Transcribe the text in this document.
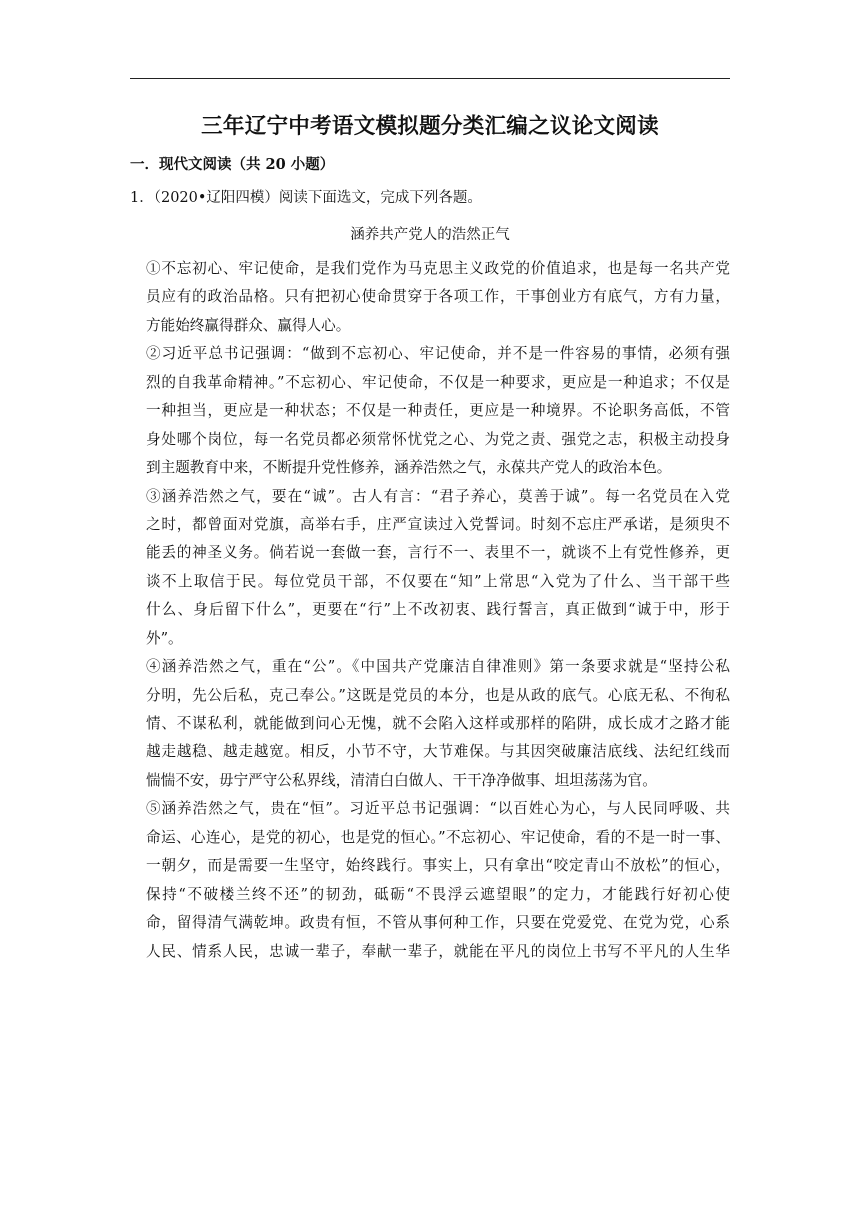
三年辽宁中考语文模拟题分类汇编之议论文阅读
一．现代文阅读（共 20 小题）
1．（2020•辽阳四模）阅读下面选文，完成下列各题。
涵养共产党人的浩然正气
①不忘初心、牢记使命，是我们党作为马克思主义政党的价值追求，也是每一名共产党
员应有的政治品格。只有把初心使命贯穿于各项工作，干事创业方有底气，方有力量，
方能始终赢得群众、赢得人心。
②习近平总书记强调：“做到不忘初心、牢记使命，并不是一件容易的事情，必须有强
烈的自我革命精神。”不忘初心、牢记使命，不仅是一种要求，更应是一种追求；不仅是
一种担当，更应是一种状态；不仅是一种责任，更应是一种境界。不论职务高低，不管
身处哪个岗位，每一名党员都必须常怀忧党之心、为党之责、强党之志，积极主动投身
到主题教育中来，不断提升党性修养，涵养浩然之气，永葆共产党人的政治本色。
③涵养浩然之气，要在“诚”。古人有言：“君子养心，莫善于诚”。每一名党员在入党
之时，都曾面对党旗，高举右手，庄严宣读过入党誓词。时刻不忘庄严承诺，是须臾不
能丢的神圣义务。倘若说一套做一套，言行不一、表里不一，就谈不上有党性修养，更
谈不上取信于民。每位党员干部，不仅要在“知”上常思“入党为了什么、当干部干些
什么、身后留下什么”，更要在“行”上不改初衷、践行誓言，真正做到“诚于中，形于
外”。
④涵养浩然之气，重在“公”。《中国共产党廉洁自律准则》第一条要求就是“坚持公私
分明，先公后私，克己奉公。”这既是党员的本分，也是从政的底气。心底无私、不徇私
情、不谋私利，就能做到问心无愧，就不会陷入这样或那样的陷阱，成长成才之路才能
越走越稳、越走越宽。相反，小节不守，大节难保。与其因突破廉洁底线、法纪红线而
惴惴不安，毋宁严守公私界线，清清白白做人、干干净净做事、坦坦荡荡为官。
⑤涵养浩然之气，贵在“恒”。习近平总书记强调：“以百姓心为心，与人民同呼吸、共
命运、心连心，是党的初心，也是党的恒心。”不忘初心、牢记使命，看的不是一时一事、
一朝夕，而是需要一生坚守，始终践行。事实上，只有拿出“咬定青山不放松”的恒心，
保持“不破楼兰终不还”的韧劲，砥砺“不畏浮云遮望眼”的定力，才能践行好初心使
命，留得清气满乾坤。政贵有恒，不管从事何种工作，只要在党爱党、在党为党，心系
人民、情系人民，忠诚一辈子，奉献一辈子，就能在平凡的岗位上书写不平凡的人生华
